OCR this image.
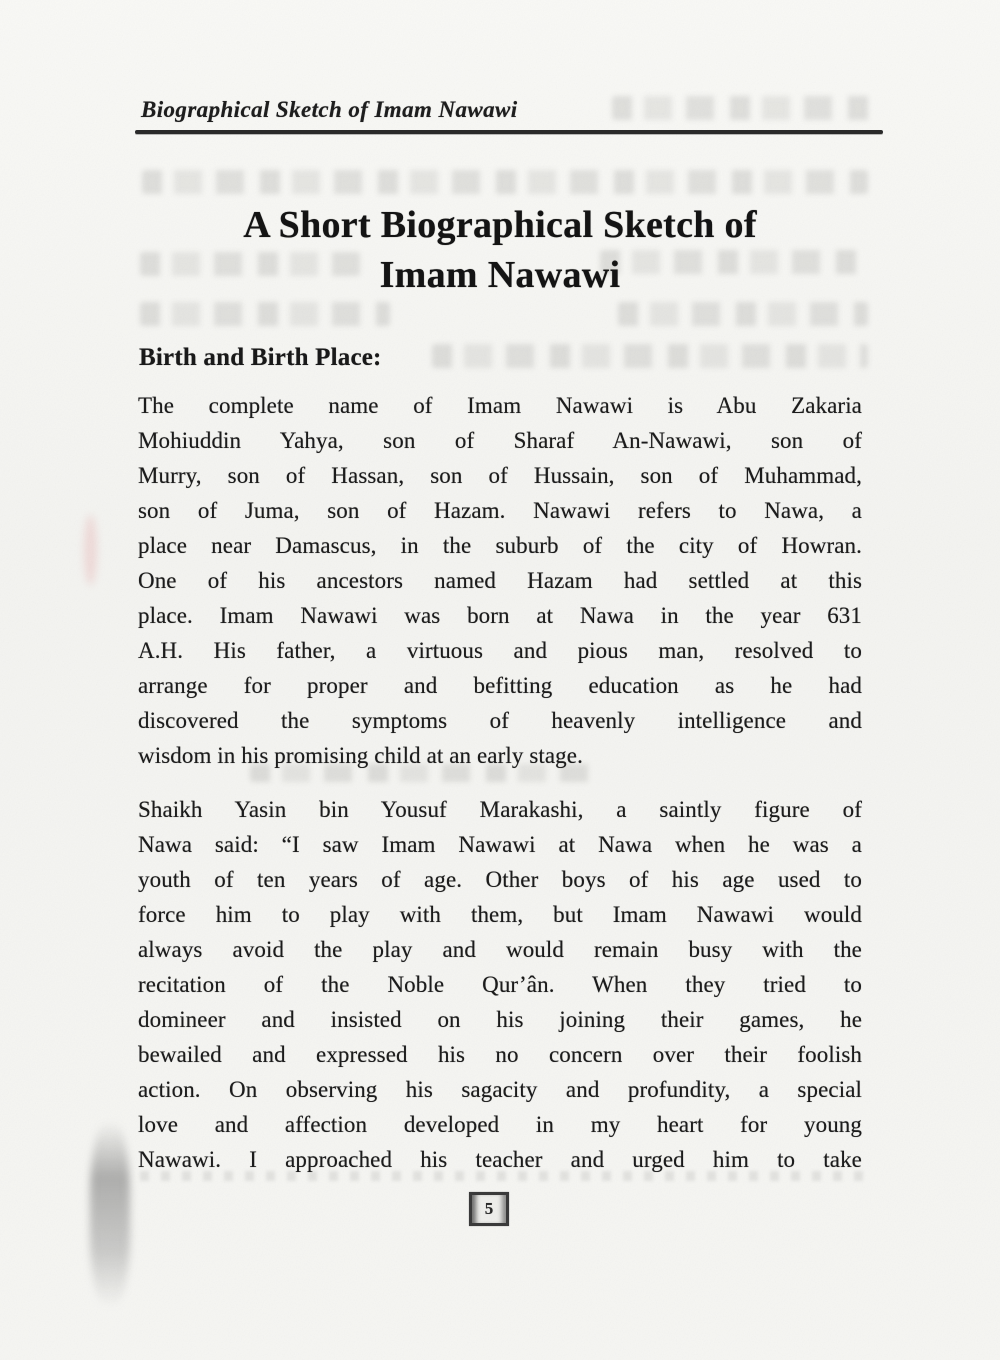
Biographical Sketch of Imam Nawawi
A Short Biographical Sketch of
Imam Nawawi
Birth and Birth Place:
The complete name of Imam Nawawi is Abu Zakaria
Mohiuddin Yahya, son of Sharaf An-Nawawi, son of
Murry, son of Hassan, son of Hussain, son of Muhammad,
son of Juma, son of Hazam. Nawawi refers to Nawa, a
place near Damascus, in the suburb of the city of Howran.
One of his ancestors named Hazam had settled at this
place. Imam Nawawi was born at Nawa in the year 631
A.H. His father, a virtuous and pious man, resolved to
arrange for proper and befitting education as he had
discovered the symptoms of heavenly intelligence and
wisdom in his promising child at an early stage.
Shaikh Yasin bin Yousuf Marakashi, a saintly figure of
Nawa said: “I saw Imam Nawawi at Nawa when he was a
youth of ten years of age. Other boys of his age used to
force him to play with them, but Imam Nawawi would
always avoid the play and would remain busy with the
recitation of the Noble Qur’ân. When they tried to
domineer and insisted on his joining their games, he
bewailed and expressed his no concern over their foolish
action. On observing his sagacity and profundity, a special
love and affection developed in my heart for young
Nawawi. I approached his teacher and urged him to take
5
